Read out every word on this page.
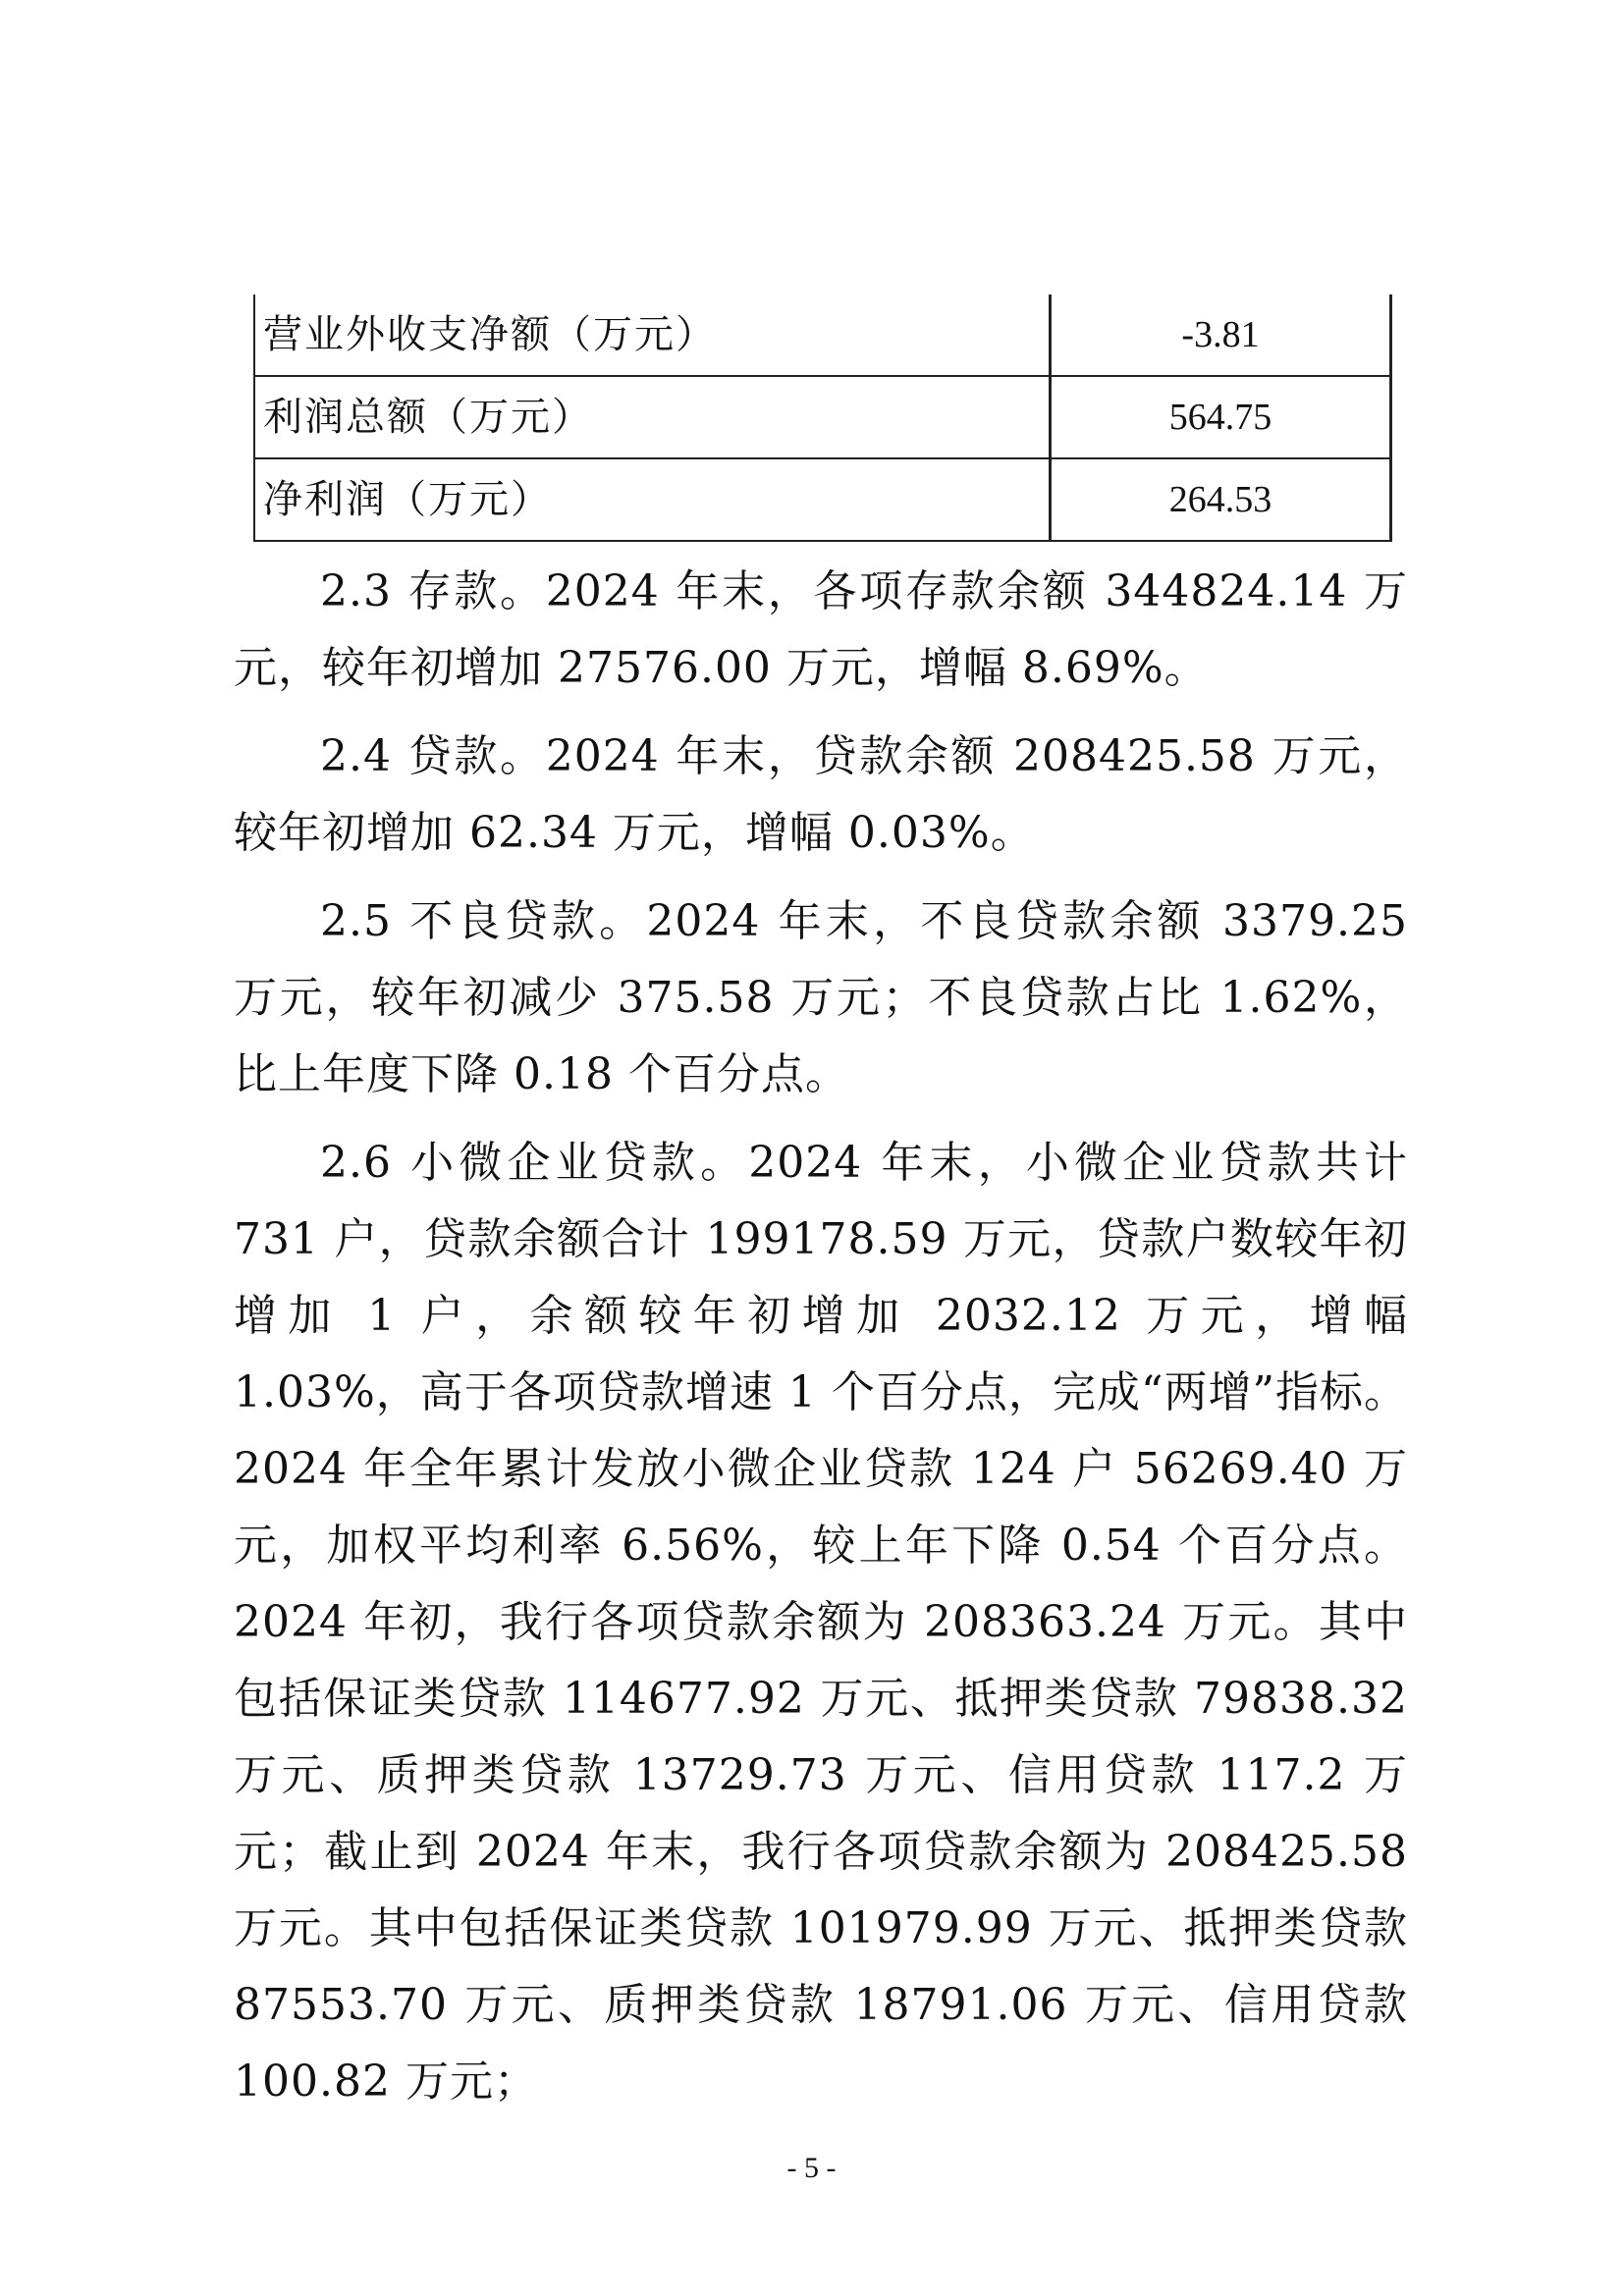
营业外收支净额（万元）	-3.81
利润总额（万元）	564.75
净利润（万元）	264.53

2.3 存款。2024 年末，各项存款余额 344824.14 万元，较年初增加 27576.00 万元，增幅 8.69%。

2.4 贷款。2024 年末，贷款余额 208425.58 万元，较年初增加 62.34 万元，增幅 0.03%。

2.5 不良贷款。2024 年末，不良贷款余额 3379.25 万元，较年初减少 375.58 万元；不良贷款占比 1.62%，比上年度下降 0.18 个百分点。

2.6 小微企业贷款。2024 年末，小微企业贷款共计 731 户，贷款余额合计 199178.59 万元，贷款户数较年初增加 1 户，余额较年初增加 2032.12 万元，增幅 1.03%，高于各项贷款增速 1 个百分点，完成“两增”指标。2024 年全年累计发放小微企业贷款 124 户 56269.40 万元，加权平均利率 6.56%，较上年下降 0.54 个百分点。2024 年初，我行各项贷款余额为 208363.24 万元。其中包括保证类贷款 114677.92 万元、抵押类贷款 79838.32 万元、质押类贷款 13729.73 万元、信用贷款 117.2 万元；截止到 2024 年末，我行各项贷款余额为 208425.58 万元。其中包括保证类贷款 101979.99 万元、抵押类贷款 87553.70 万元、质押类贷款 18791.06 万元、信用贷款 100.82 万元；

- 5 -
